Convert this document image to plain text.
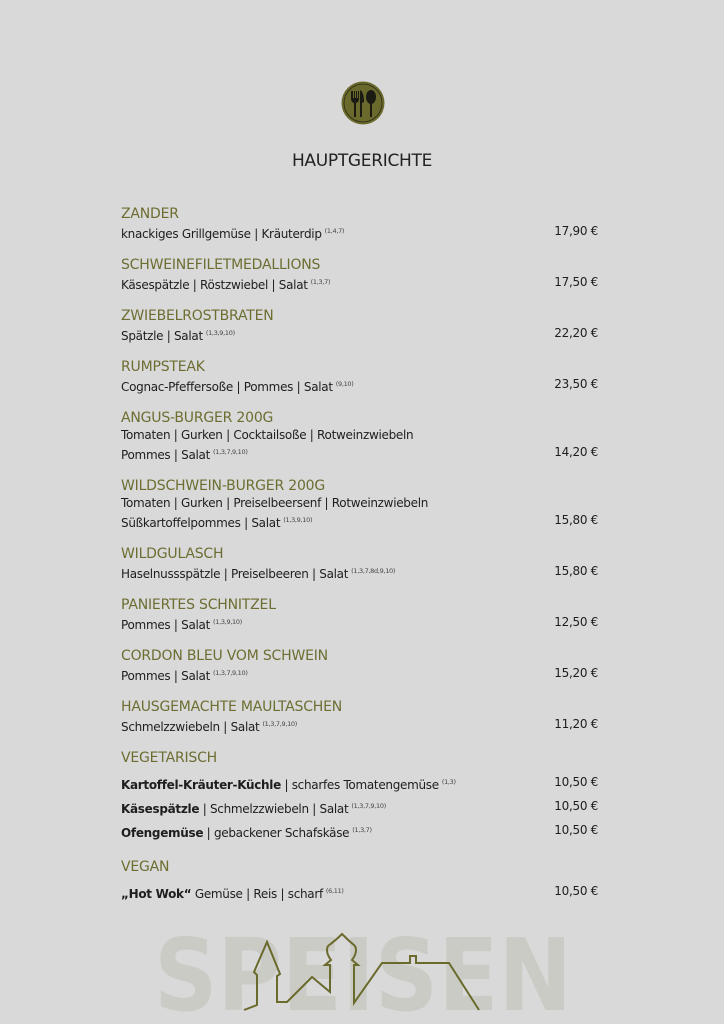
HAUPTGERICHTE
ZANDER
knackiges Grillgemüse | Kräuterdip $^{(1,4,7)}$	17,90 €
SCHWEINEFILETMEDALLIONS
Käsespätzle | Röstzwiebel | Salat $^{(1,3,7)}$	17,50 €
ZWIEBELROSTBRATEN
Spätzle | Salat $^{(1,3,9,10)}$	22,20 €
RUMPSTEAK
Cognac-Pfeffersoße | Pommes | Salat $^{(9,10)}$	23,50 €
ANGUS-BURGER 200G
Tomaten | Gurken | Cocktailsoße | Rotweinzwiebeln
Pommes | Salat $^{(1,3,7,9,10)}$	14,20 €
WILDSCHWEIN-BURGER 200G
Tomaten | Gurken | Preiselbeersenf | Rotweinzwiebeln
Süßkartoffelpommes | Salat $^{(1,3,9,10)}$	15,80 €
WILDGULASCH
Haselnussspätzle | Preiselbeeren | Salat $^{(1,3,7,8d,9,10)}$	15,80 €
PANIERTES SCHNITZEL
Pommes | Salat $^{(1,3,9,10)}$	12,50 €
CORDON BLEU VOM SCHWEIN
Pommes | Salat $^{(1,3,7,9,10)}$	15,20 €
HAUSGEMACHTE MAULTASCHEN
Schmelzzwiebeln | Salat $^{(1,3,7,9,10)}$	11,20 €
VEGETARISCH
Kartoffel-Kräuter-Küchle | scharfes Tomatengemüse $^{(1,3)}$	10,50 €
Käsespätzle | Schmelzzwiebeln | Salat $^{(1,3,7,9,10)}$	10,50 €
Ofengemüse | gebackener Schafskäse $^{(1,3,7)}$	10,50 €
VEGAN
„Hot Wok“ Gemüse | Reis | scharf $^{(6,11)}$	10,50 €
SPEISEN
